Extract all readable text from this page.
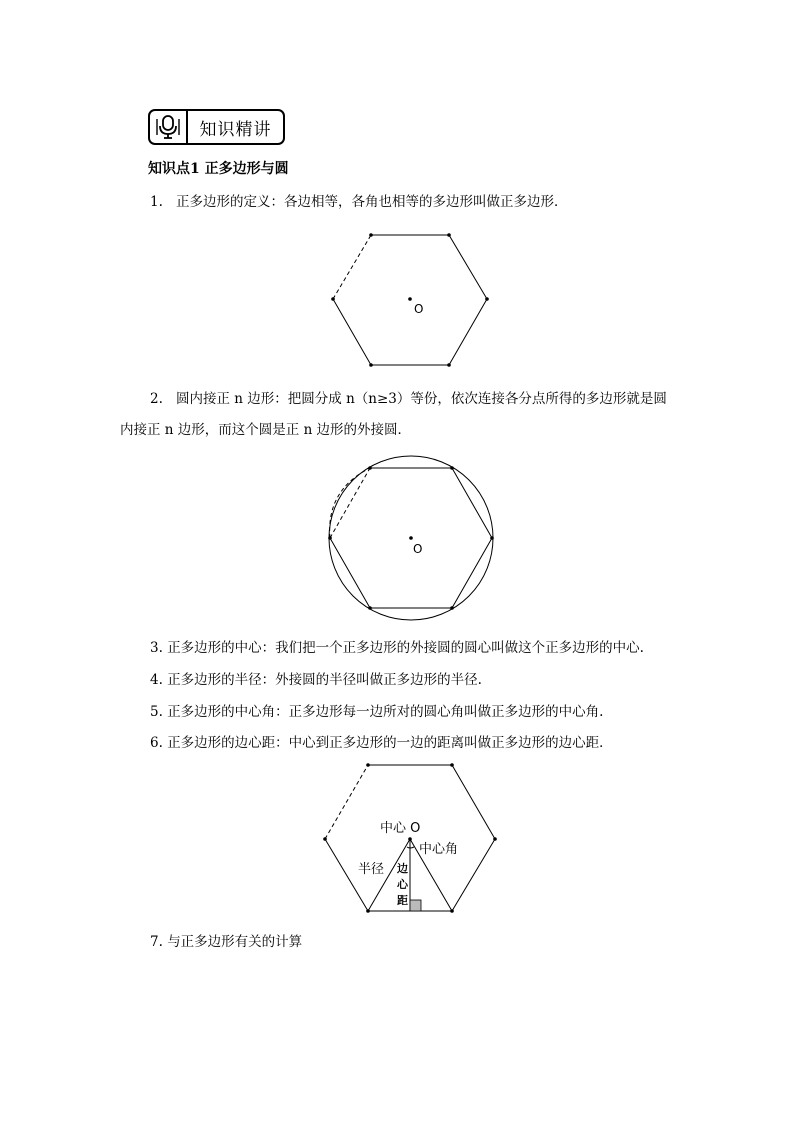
知识精讲
知识点1 正多边形与圆
1. 正多边形的定义：各边相等，各角也相等的多边形叫做正多边形．
O
2. 圆内接正 n 边形：把圆分成 n（n≥3）等份，依次连接各分点所得的多边形就是圆
内接正 n 边形，而这个圆是正 n 边形的外接圆．
O
3. 正多边形的中心：我们把一个正多边形的外接圆的圆心叫做这个正多边形的中心.
4. 正多边形的半径：外接圆的半径叫做正多边形的半径.
5. 正多边形的中心角：正多边形每一边所对的圆心角叫做正多边形的中心角.
6. 正多边形的边心距：中心到正多边形的一边的距离叫做正多边形的边心距．
中心 O
中心角
半径 边
心
距
7. 与正多边形有关的计算
